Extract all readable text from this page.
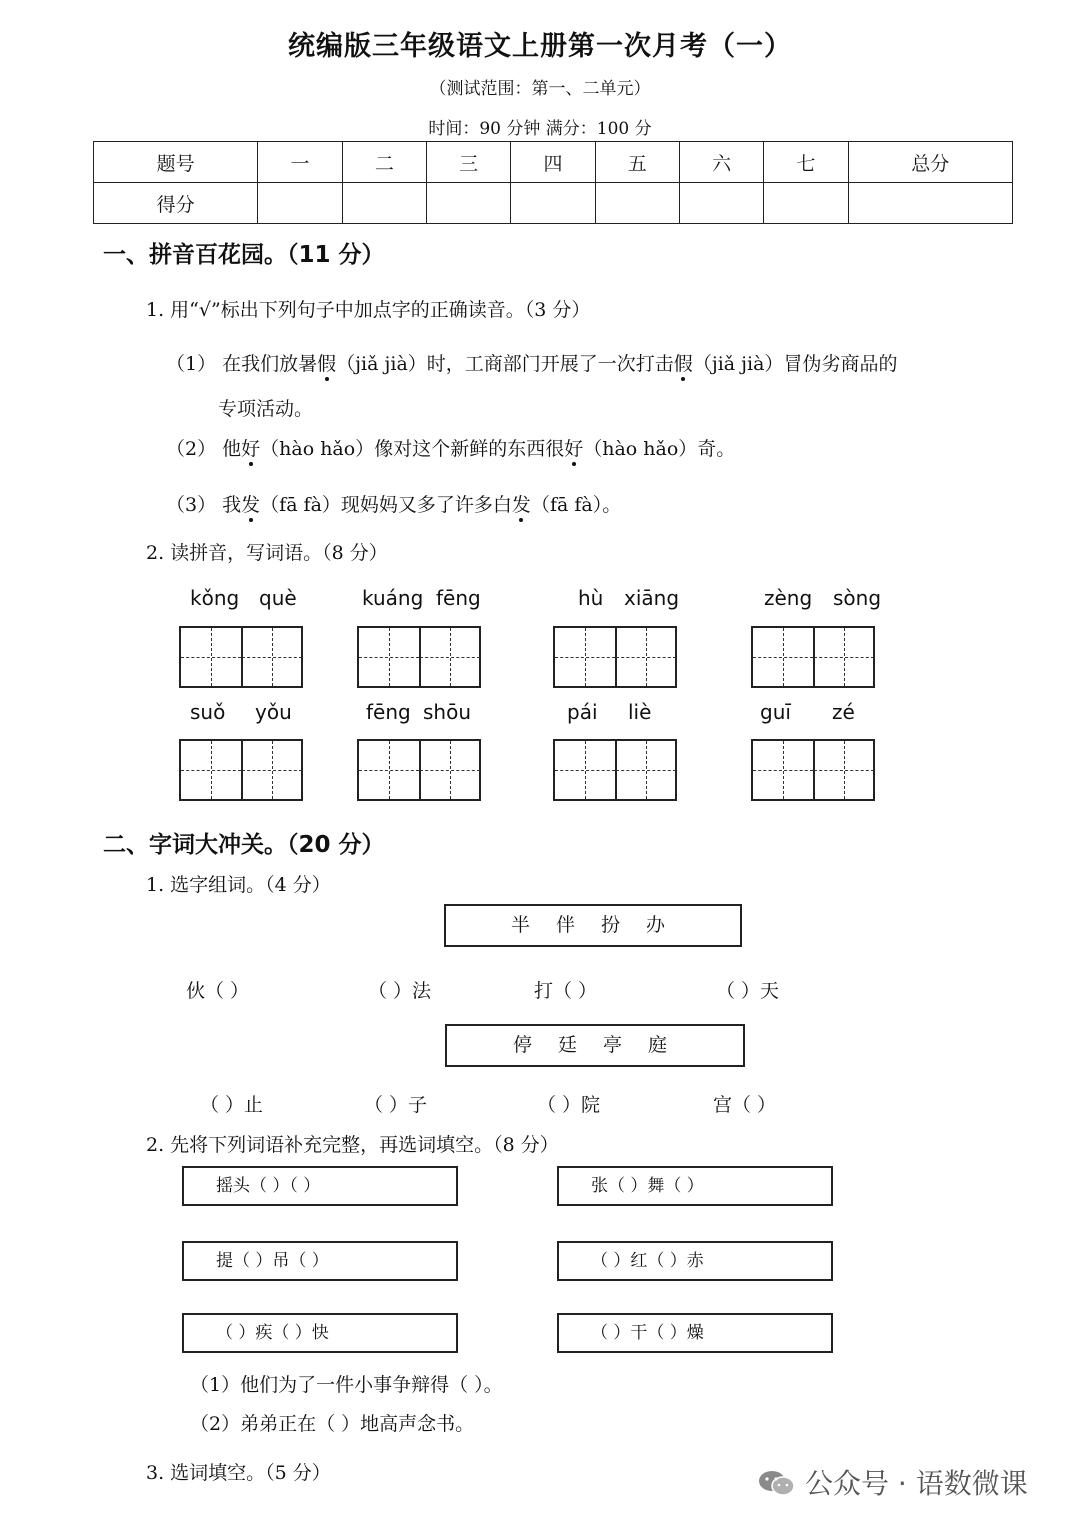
统编版三年级语文上册第一次月考（一）
（测试范围：第一、二单元）
时间：90 分钟 满分：100 分
题号	一	二	三	四	五	六	七	总分
得分								
一、拼音百花园。（11 分）
1. 用“√”标出下列句子中加点字的正确读音。（3 分）
（1） 在我们放暑假（jiǎ jià）时，工商部门开展了一次打击假（jiǎ jià）冒伪劣商品的
专项活动。
（2） 他好（hào hǎo）像对这个新鲜的东西很好（hào hǎo）奇。
（3） 我发（fā fà）现妈妈又多了许多白发（fā fà）。
2. 读拼音，写词语。（8 分）
kǒng què	kuáng fēng	hù xiāng	zèng sòng
suǒ yǒu	fēng shōu	pái liè	guī zé
二、字词大冲关。（20 分）
1. 选字组词。（4 分）
半 伴 扮 办
伙（ ）	（ ）法	打（ ）	（ ）天
停 廷 亭 庭
（ ）止	（ ）子	（ ）院	宫（ ）
2. 先将下列词语补充完整，再选词填空。（8 分）
摇头（ ）（ ）	张（ ）舞（ ）
提（ ）吊（ ）	（ ）红（ ）赤
（ ）疾（ ）快	（ ）干（ ）燥
（1）他们为了一件小事争辩得（ ）。
（2）弟弟正在（ ）地高声念书。
3. 选词填空。（5 分）	公众号 · 语数微课
